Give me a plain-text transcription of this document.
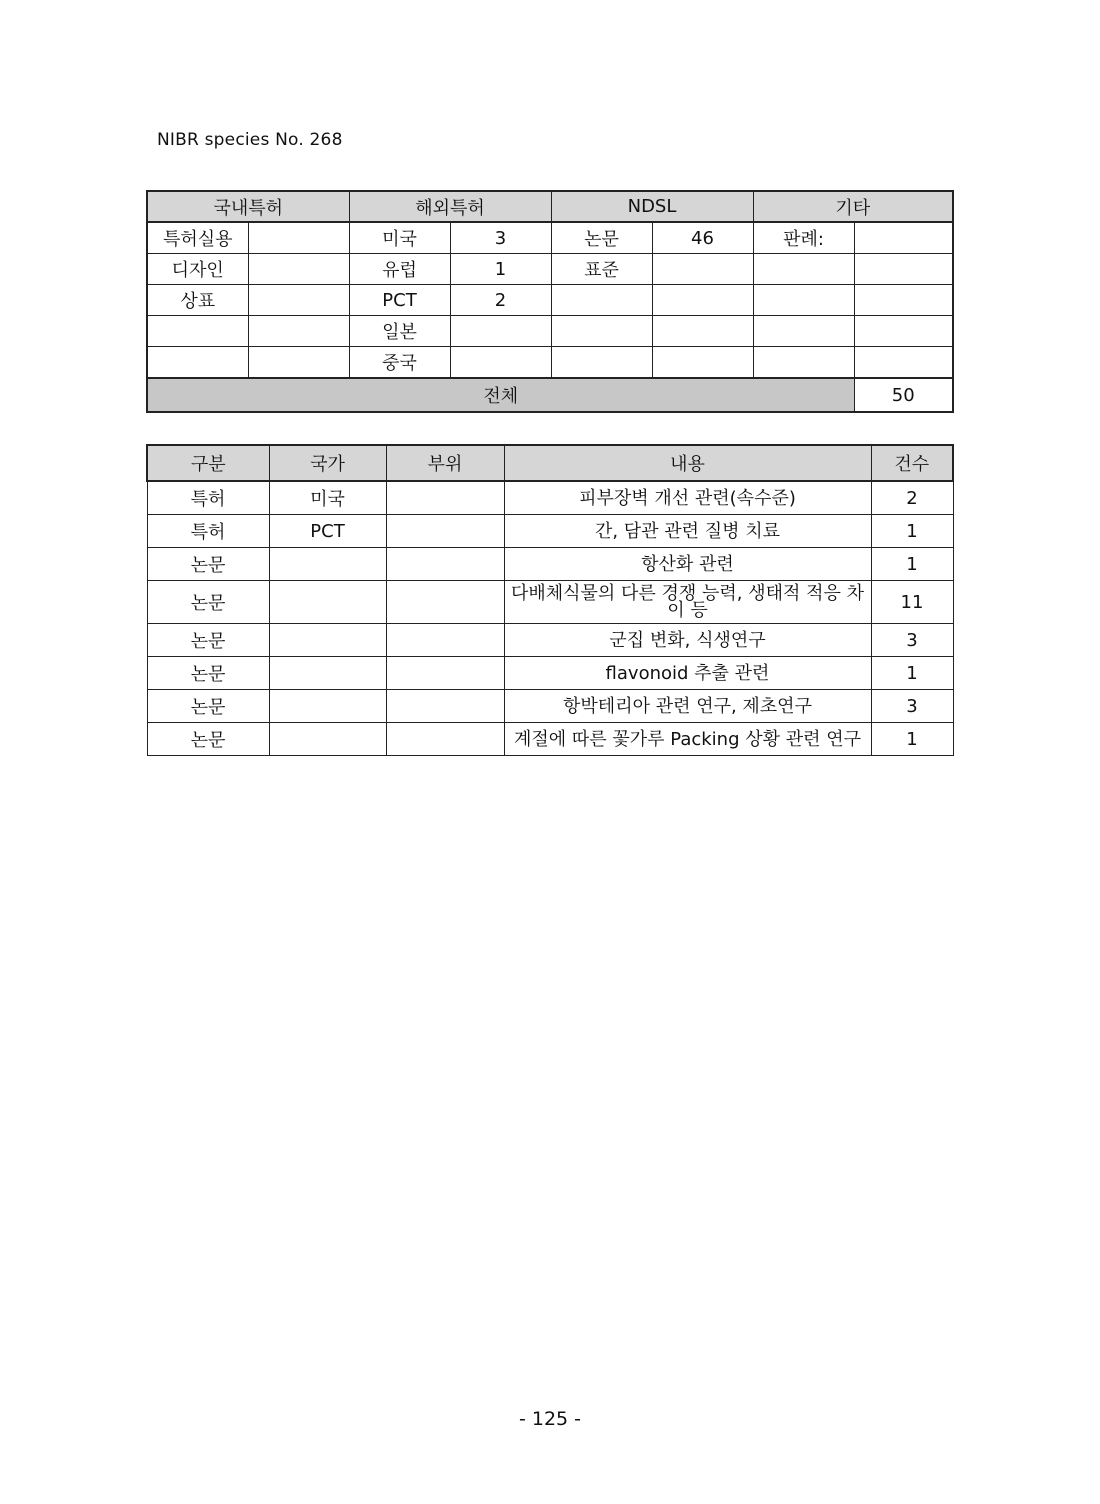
NIBR species No. 268
국내특허		해외특허		NDSL		기타	
특허실용		미국	3	논문	46	판례:	
디자인		유럽	1	표준			
상표		PCT	2				
		일본					
		중국					
전체							50
구분	국가	부위	내용	건수
특허	미국		피부장벽 개선 관련(속수준)	2
특허	PCT		간, 담관 관련 질병 치료	1
논문			항산화 관련	1
논문			다배체식물의 다른 경쟁 능력, 생태적 적응 차이 등	11
논문			군집 변화, 식생연구	3
논문			flavonoid 추출 관련	1
논문			항박테리아 관련 연구, 제초연구	3
논문			계절에 따른 꽃가루 Packing 상황 관련 연구	1
- 125 -
